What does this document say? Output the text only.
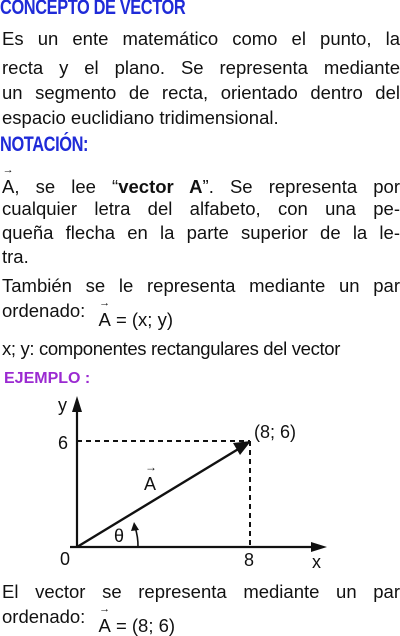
CONCEPTO DE VECTOR
Es un ente matemático como el punto, la
recta y el plano. Se representa mediante
un segmento de recta, orientado dentro del
espacio euclidiano tridimensional.
NOTACIÓN:
→ A, se lee “vector A”. Se representa por
cualquier letra del alfabeto, con una pe-
queña flecha en la parte superior de la le-
tra.
También se le representa mediante un par
ordenado: → A = (x; y)
x; y: componentes rectangulares del vector
EJEMPLO :
y
x
0
6
8
(8; 6)
A
→
θ
El vector se representa mediante un par
ordenado: → A = (8; 6)
